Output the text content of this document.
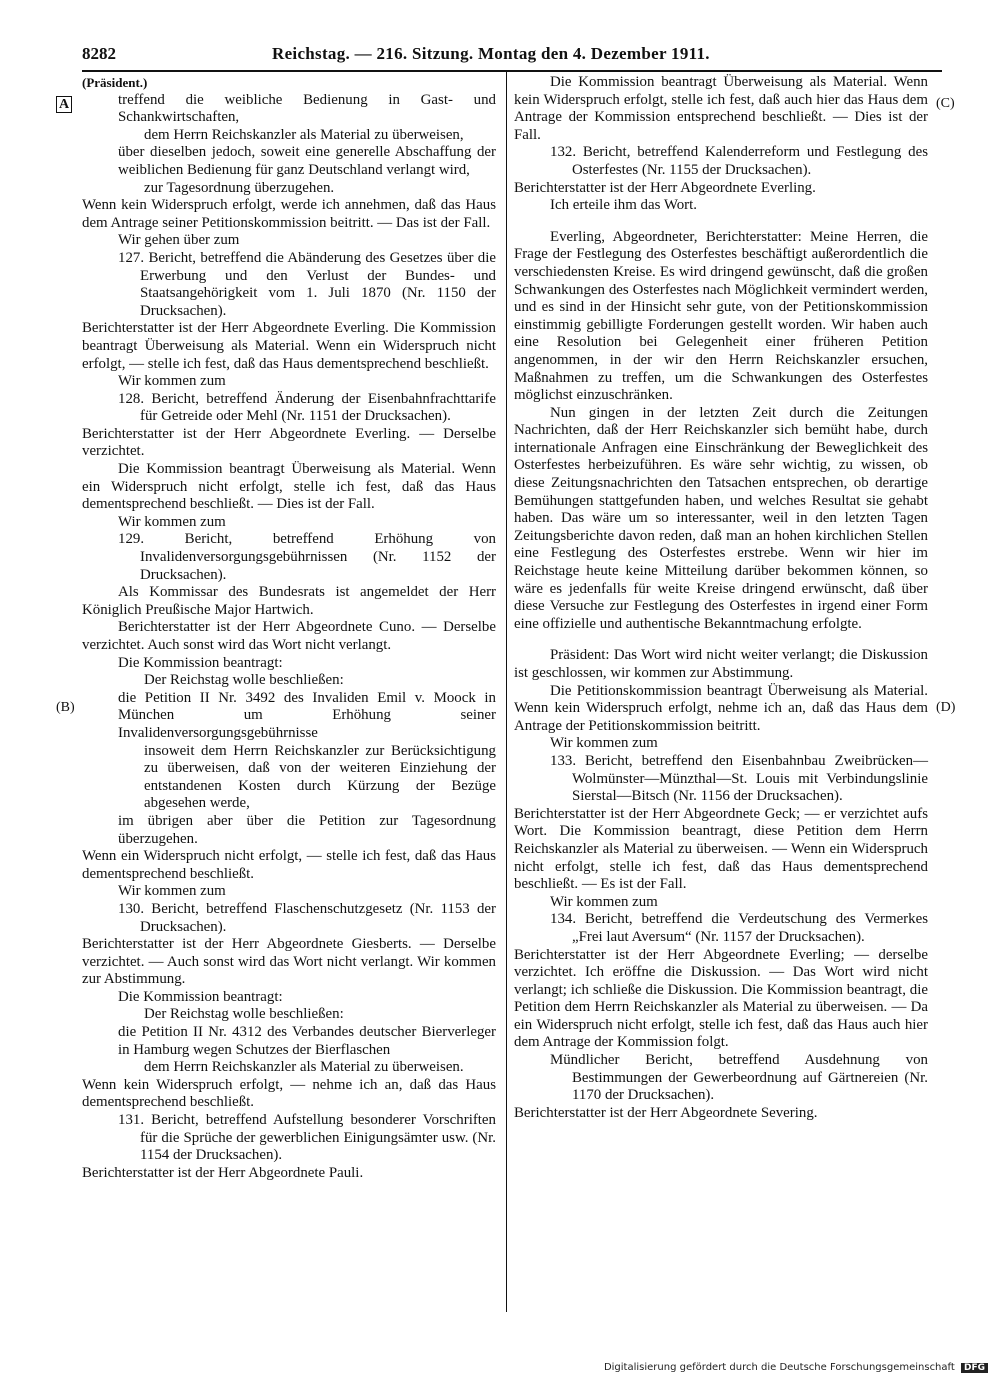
8282	Reichstag. — 216. Sitzung. Montag den 4. Dezember 1911.
A
(B)
(C)
(D)

(Präsident.)

treffend die weibliche Bedienung in Gast- und Schankwirtschaften,

dem Herrn Reichskanzler als Material zu überweisen,

über dieselben jedoch, soweit eine generelle Abschaffung der weiblichen Bedienung für ganz Deutschland verlangt wird,

zur Tagesordnung überzugehen.

Wenn kein Widerspruch erfolgt, werde ich annehmen, daß das Haus dem Antrage seiner Petitionskommission beitritt. — Das ist der Fall.

Wir gehen über zum

127. Bericht, betreffend die Abänderung des Gesetzes über die Erwerbung und den Verlust der Bundes- und Staatsangehörigkeit vom 1. Juli 1870 (Nr. 1150 der Drucksachen).

Berichterstatter ist der Herr Abgeordnete Everling. Die Kommission beantragt Überweisung als Material. Wenn ein Widerspruch nicht erfolgt, — stelle ich fest, daß das Haus dementsprechend beschließt.

Wir kommen zum

128. Bericht, betreffend Änderung der Eisenbahnfrachttarife für Getreide oder Mehl (Nr. 1151 der Drucksachen).

Berichterstatter ist der Herr Abgeordnete Everling. — Derselbe verzichtet.

Die Kommission beantragt Überweisung als Material. Wenn ein Widerspruch nicht erfolgt, stelle ich fest, daß das Haus dementsprechend beschließt. — Dies ist der Fall.

Wir kommen zum

129. Bericht, betreffend Erhöhung von Invalidenversorgungsgebührnissen (Nr. 1152 der Drucksachen).

Als Kommissar des Bundesrats ist angemeldet der Herr Königlich Preußische Major Hartwich.

Berichterstatter ist der Herr Abgeordnete Cuno. — Derselbe verzichtet. Auch sonst wird das Wort nicht verlangt.

Die Kommission beantragt:

Der Reichstag wolle beschließen:

die Petition II Nr. 3492 des Invaliden Emil v. Moock in München um Erhöhung seiner Invalidenversorgungsgebührnisse

insoweit dem Herrn Reichskanzler zur Berücksichtigung zu überweisen, daß von der weiteren Einziehung der entstandenen Kosten durch Kürzung der Bezüge abgesehen werde,

im übrigen aber über die Petition zur Tagesordnung überzugehen.

Wenn ein Widerspruch nicht erfolgt, — stelle ich fest, daß das Haus dementsprechend beschließt.

Wir kommen zum

130. Bericht, betreffend Flaschenschutzgesetz (Nr. 1153 der Drucksachen).

Berichterstatter ist der Herr Abgeordnete Giesberts. — Derselbe verzichtet. — Auch sonst wird das Wort nicht verlangt. Wir kommen zur Abstimmung.

Die Kommission beantragt:

Der Reichstag wolle beschließen:

die Petition II Nr. 4312 des Verbandes deutscher Bierverleger in Hamburg wegen Schutzes der Bierflaschen

dem Herrn Reichskanzler als Material zu überweisen.

Wenn kein Widerspruch erfolgt, — nehme ich an, daß das Haus dementsprechend beschließt.

131. Bericht, betreffend Aufstellung besonderer Vorschriften für die Sprüche der gewerblichen Einigungsämter usw. (Nr. 1154 der Drucksachen).

Berichterstatter ist der Herr Abgeordnete Pauli.

Die Kommission beantragt Überweisung als Material. Wenn kein Widerspruch erfolgt, stelle ich fest, daß auch hier das Haus dem Antrage der Kommission entsprechend beschließt. — Dies ist der Fall.

132. Bericht, betreffend Kalenderreform und Festlegung des Osterfestes (Nr. 1155 der Drucksachen).

Berichterstatter ist der Herr Abgeordnete Everling.

Ich erteile ihm das Wort.

Everling, Abgeordneter, Berichterstatter: Meine Herren, die Frage der Festlegung des Osterfestes beschäftigt außerordentlich die verschiedensten Kreise. Es wird dringend gewünscht, daß die großen Schwankungen des Osterfestes nach Möglichkeit vermindert werden, und es sind in der Hinsicht sehr gute, von der Petitionskommission einstimmig gebilligte Forderungen gestellt worden. Wir haben auch eine Resolution bei Gelegenheit einer früheren Petition angenommen, in der wir den Herrn Reichskanzler ersuchen, Maßnahmen zu treffen, um die Schwankungen des Osterfestes möglichst einzuschränken.

Nun gingen in der letzten Zeit durch die Zeitungen Nachrichten, daß der Herr Reichskanzler sich bemüht habe, durch internationale Anfragen eine Einschränkung der Beweglichkeit des Osterfestes herbeizuführen. Es wäre sehr wichtig, zu wissen, ob diese Zeitungsnachrichten den Tatsachen entsprechen, ob derartige Bemühungen stattgefunden haben, und welches Resultat sie gehabt haben. Das wäre um so interessanter, weil in den letzten Tagen Zeitungsberichte davon reden, daß man an hohen kirchlichen Stellen eine Festlegung des Osterfestes erstrebe. Wenn wir hier im Reichstage heute keine Mitteilung darüber bekommen können, so wäre es jedenfalls für weite Kreise dringend erwünscht, daß über diese Versuche zur Festlegung des Osterfestes in irgend einer Form eine offizielle und authentische Bekanntmachung erfolgte.

Präsident: Das Wort wird nicht weiter verlangt; die Diskussion ist geschlossen, wir kommen zur Abstimmung.

Die Petitionskommission beantragt Überweisung als Material. Wenn kein Widerspruch erfolgt, nehme ich an, daß das Haus dem Antrage der Petitionskommission beitritt.

Wir kommen zum

133. Bericht, betreffend den Eisenbahnbau Zweibrücken—Wolmünster—Münzthal—St. Louis mit Verbindungslinie Sierstal—Bitsch (Nr. 1156 der Drucksachen).

Berichterstatter ist der Herr Abgeordnete Geck; — er verzichtet aufs Wort. Die Kommission beantragt, diese Petition dem Herrn Reichskanzler als Material zu überweisen. — Wenn ein Widerspruch nicht erfolgt, stelle ich fest, daß das Haus dementsprechend beschließt. — Es ist der Fall.

Wir kommen zum

134. Bericht, betreffend die Verdeutschung des Vermerkes „Frei laut Aversum“ (Nr. 1157 der Drucksachen).

Berichterstatter ist der Herr Abgeordnete Everling; — derselbe verzichtet. Ich eröffne die Diskussion. — Das Wort wird nicht verlangt; ich schließe die Diskussion. Die Kommission beantragt, die Petition dem Herrn Reichskanzler als Material zu überweisen. — Da ein Widerspruch nicht erfolgt, stelle ich fest, daß das Haus auch hier dem Antrage der Kommission folgt.

Mündlicher Bericht, betreffend Ausdehnung von Bestimmungen der Gewerbeordnung auf Gärtnereien (Nr. 1170 der Drucksachen).

Berichterstatter ist der Herr Abgeordnete Severing.

Digitalisierung gefördert durch die Deutsche Forschungsgemeinschaft DFG
